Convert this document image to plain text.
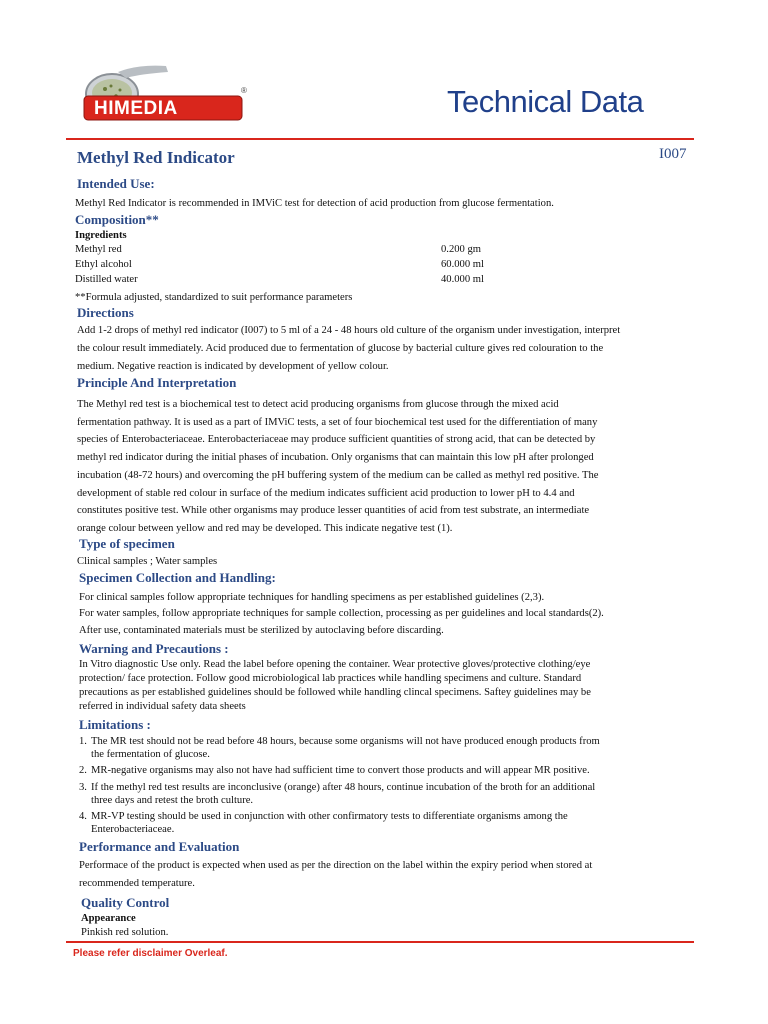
HIMEDIA
®	Technical Data
Methyl Red Indicator	I007
Intended Use:
Methyl Red Indicator is recommended in IMViC test for detection of acid production from glucose fermentation.
Composition**
Ingredients
Methyl red	0.200 gm
Ethyl alcohol	60.000 ml
Distilled water	40.000 ml
**Formula adjusted, standardized to suit performance parameters
Directions
Add 1-2 drops of methyl red indicator (I007) to 5 ml of a 24 - 48 hours old culture of the organism under investigation, interpret
the colour result immediately. Acid produced due to fermentation of glucose by bacterial culture gives red colouration to the
medium. Negative reaction is indicated by development of yellow colour.
Principle And Interpretation
The Methyl red test is a biochemical test to detect acid producing organisms from glucose through the mixed acid
fermentation pathway. It is used as a part of IMViC tests, a set of four biochemical test used for the differentiation of many
species of Enterobacteriaceae. Enterobacteriaceae may produce sufficient quantities of strong acid, that can be detected by
methyl red indicator during the initial phases of incubation. Only organisms that can maintain this low pH after prolonged
incubation (48-72 hours) and overcoming the pH buffering system of the medium can be called as methyl red positive. The
development of stable red colour in surface of the medium indicates sufficient acid production to lower pH to 4.4 and
constitutes positive test. While other organisms may produce lesser quantities of acid from test substrate, an intermediate
orange colour between yellow and red may be developed. This indicate negative test (1).
Type of specimen
Clinical samples ; Water samples
Specimen Collection and Handling:
For clinical samples follow appropriate techniques for handling specimens as per established guidelines (2,3).
For water samples, follow appropriate techniques for sample collection, processing as per guidelines and local standards(2).
After use, contaminated materials must be sterilized by autoclaving before discarding.
Warning and Precautions :
In Vitro diagnostic Use only. Read the label before opening the container. Wear protective gloves/protective clothing/eye
protection/ face protection. Follow good microbiological lab practices while handling specimens and culture. Standard
precautions as per established guidelines should be followed while handling clincal specimens. Saftey guidelines may be
referred in individual safety data sheets
Limitations :
1. The MR test should not be read before 48 hours, because some organisms will not have produced enough products from
the fermentation of glucose.
2. MR-negative organisms may also not have had sufficient time to convert those products and will appear MR positive.
3. If the methyl red test results are inconclusive (orange) after 48 hours, continue incubation of the broth for an additional
three days and retest the broth culture.
4. MR-VP testing should be used in conjunction with other confirmatory tests to differentiate organisms among the
Enterobacteriaceae.
Performance and Evaluation
Performace of the product is expected when used as per the direction on the label within the expiry period when stored at
recommended temperature.
Quality Control
Appearance
Pinkish red solution.
Please refer disclaimer Overleaf.
